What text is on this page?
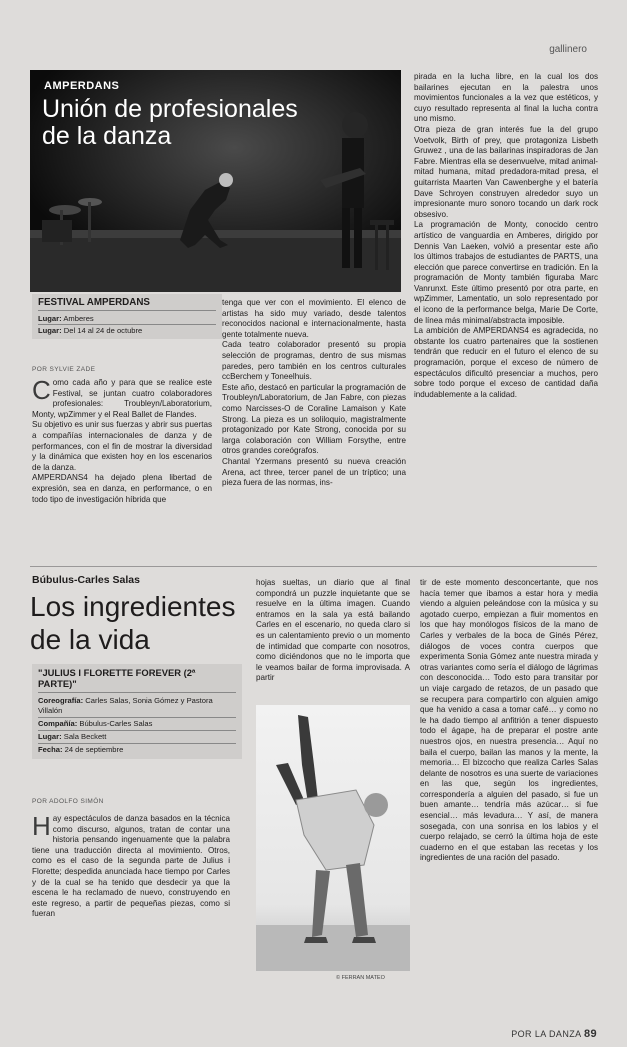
gallinero
AMPERDANS
Unión de profesionales
de la danza
FESTIVAL AMPERDANS
Lugar: Amberes
Lugar: Del 14 al 24 de octubre
POR SYLVIE ZADE

Como cada año y para que se realice este Festival, se juntan cuatro colaboradores profesionales: Troubleyn/Laboratorium, Monty, wpZimmer y el Real Ballet de Flandes.

Su objetivo es unir sus fuerzas y abrir sus puertas a compañías internacionales de danza y de performances, con el fin de mostrar la diversidad y la dinámica que existen hoy en los escenarios de la danza.

AMPERDANS4 ha dejado plena libertad de expresión, sea en danza, en performance, o en todo tipo de investigación híbrida que

tenga que ver con el movimiento. El elenco de artistas ha sido muy variado, desde talentos reconocidos nacional e internacionalmente, hasta gente totalmente nueva.

Cada teatro colaborador presentó su propia selección de programas, dentro de sus mismas paredes, pero también en los centros culturales ccBerchem y Toneelhuis.

Este año, destacó en particular la programación de Troubleyn/Laboratorium, de Jan Fabre, con piezas como Narcisses-O de Coraline Lamaison y Kate Strong. La pieza es un soliloquio, magistralmente protagonizado por Kate Strong, conocida por su larga colaboración con William Forsythe, entre otros grandes coreógrafos.

Chantal Yzermans presentó su nueva creación Arena, act three, tercer panel de un tríptico; una pieza fuera de las normas, ins-

pirada en la lucha libre, en la cual los dos bailarines ejecutan en la palestra unos movimientos funcionales a la vez que estéticos, y cuyo resultado representa al final la lucha contra uno mismo.

Otra pieza de gran interés fue la del grupo Voetvolk, Birth of prey, que protagoniza Lisbeth Gruwez , una de las bailarinas inspiradoras de Jan Fabre. Mientras ella se desenvuelve, mitad animal-mitad humana, mitad predadora-mitad presa, el guitarrista Maarten Van Cawenberghe y el batería Dave Schroyen construyen alrededor suyo un impresionante muro sonoro tocando un dark rock obsesivo.

La programación de Monty, conocido centro artístico de vanguardia en Amberes, dirigido por Dennis Van Laeken, volvió a presentar este año los últimos trabajos de estudiantes de PARTS, una elección que parece convertirse en tradición. En la programación de Monty también figuraba Marc Vanrunxt. Este último presentó por otra parte, en wpZimmer, Lamentatio, un solo representado por el icono de la performance belga, Marie De Corte, de línea más minimal/abstracta imposible.

La ambición de AMPERDANS4 es agradecida, no obstante los cuatro partenaires que la sostienen tendrán que reducir en el futuro el elenco de su programación, porque el exceso de número de espectáculos dificultó presenciar a muchos, pero sobre todo porque el exceso de cantidad daña indudablemente a la calidad.

Búbulus-Carles Salas
Los ingredientes
de la vida
"JULIUS I FLORETTE FOREVER (2ª PARTE)"
Coreografía: Carles Salas, Sonia Gómez y Pastora Villalón
Compañía: Búbulus-Carles Salas
Lugar: Sala Beckett
Fecha: 24 de septiembre
POR ADOLFO SIMÓN

Hay espectáculos de danza basados en la técnica como discurso, algunos, tratan de contar una historia pensando ingenuamente que la palabra tiene una traducción directa al movimiento. Otros, como es el caso de la segunda parte de Julius i Florette; despedida anunciada hace tiempo por Carles y de la cual se ha tenido que desdecir ya que la escena le ha reclamado de nuevo, construyendo en este regreso, a partir de pequeñas piezas, como si fueran

hojas sueltas, un diario que al final compondrá un puzzle inquietante que se resuelve en la última imagen. Cuando entramos en la sala ya está bailando Carles en el escenario, no queda claro si es un calentamiento previo o un momento de intimidad que comparte con nosotros, como diciéndonos que no le importa que le veamos bailar de forma improvisada. A partir

© FERRAN MATEO

tir de este momento desconcertante, que nos hacía temer que íbamos a estar hora y media viendo a alguien peleándose con la música y su agotado cuerpo, empiezan a fluir momentos en los que hay monólogos físicos de la mano de Carles y verbales de la boca de Ginés Pérez, diálogos de voces contra cuerpos que experimenta Sonia Gómez ante nuestra mirada y otras variantes como sería el diálogo de lágrimas con desconocida… Todo esto para transitar por un viaje cargado de retazos, de un pasado que se recupera para compartirlo con alguien amigo que ha venido a casa a tomar café… y como no le ha dado tiempo al anfitrión a tener dispuesto todo el ágape, ha de preparar el postre ante nuestros ojos, en nuestra presencia… Aquí no baila el cuerpo, bailan las manos y la mente, la memoria… El bizcocho que realiza Carles Salas delante de nosotros es una suerte de variaciones en las que, según los ingredientes, correspondería a alguien del pasado, si fue un buen amante… tendría más azúcar… si fue esencial… más levadura… Y así, de manera sosegada, con una sonrisa en los labios y el cuerpo relajado, se cerró la última hoja de este cuaderno en el que estaban las recetas y los ingredientes de una ración del pasado.

POR LA DANZA 89
